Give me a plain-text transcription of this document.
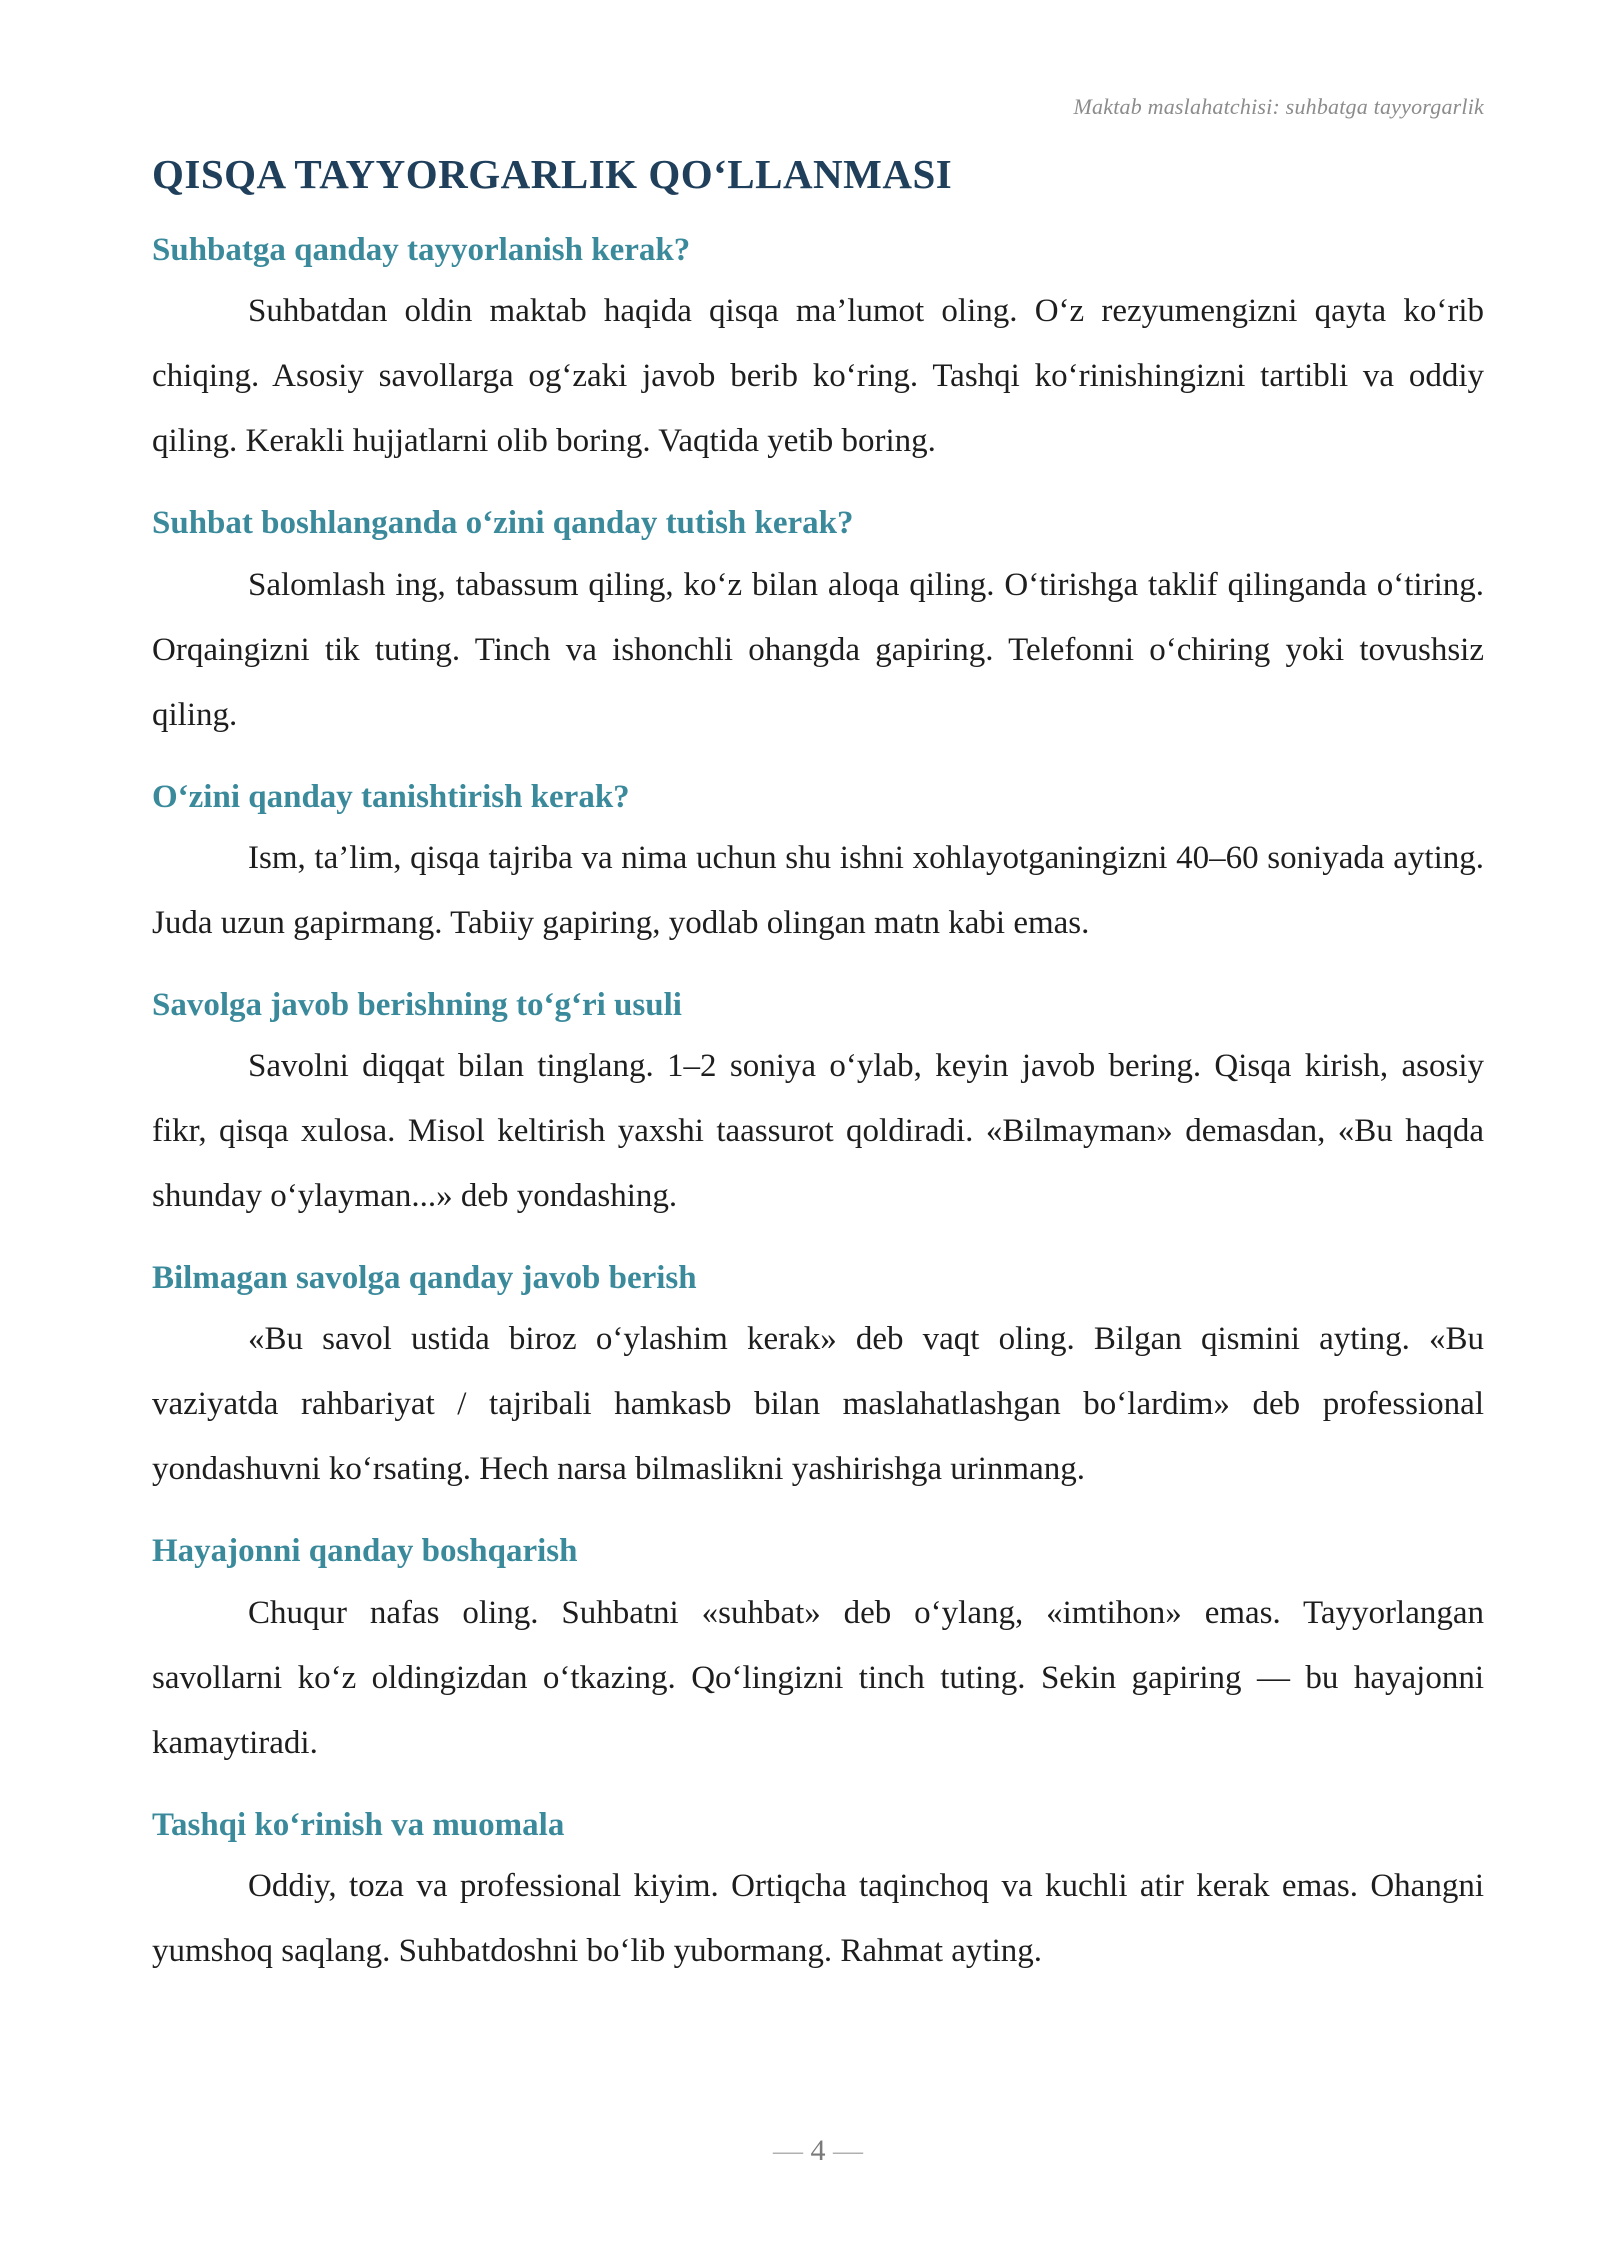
Maktab maslahatchisi: suhbatga tayyorgarlik
QISQA TAYYORGARLIK QO‘LLANMASI
Suhbatga qanday tayyorlanish kerak?

Suhbatdan oldin maktab haqida qisqa ma’lumot oling. O‘z rezyumengizni qayta ko‘rib chiqing. Asosiy savollarga og‘zaki javob berib ko‘ring. Tashqi ko‘rinishingizni tartibli va oddiy qiling. Kerakli hujjatlarni olib boring. Vaqtida yetib boring.

Suhbat boshlanganda o‘zini qanday tutish kerak?

Salomlash ing, tabassum qiling, ko‘z bilan aloqa qiling. O‘tirishga taklif qilinganda o‘tiring. Orqaingizni tik tuting. Tinch va ishonchli ohangda gapiring. Telefonni o‘chiring yoki tovushsiz qiling.

O‘zini qanday tanishtirish kerak?

Ism, ta’lim, qisqa tajriba va nima uchun shu ishni xohlayotganingizni 40–60 soniyada ayting. Juda uzun gapirmang. Tabiiy gapiring, yodlab olingan matn kabi emas.

Savolga javob berishning to‘g‘ri usuli

Savolni diqqat bilan tinglang. 1–2 soniya o‘ylab, keyin javob bering. Qisqa kirish, asosiy fikr, qisqa xulosa. Misol keltirish yaxshi taassurot qoldiradi. «Bilmayman» demasdan, «Bu haqda shunday o‘ylayman...» deb yondashing.

Bilmagan savolga qanday javob berish

«Bu savol ustida biroz o‘ylashim kerak» deb vaqt oling. Bilgan qismini ayting. «Bu vaziyatda rahbariyat / tajribali hamkasb bilan maslahatlashgan bo‘lardim» deb professional yondashuvni ko‘rsating. Hech narsa bilmaslikni yashirishga urinmang.

Hayajonni qanday boshqarish

Chuqur nafas oling. Suhbatni «suhbat» deb o‘ylang, «imtihon» emas. Tayyorlangan savollarni ko‘z oldingizdan o‘tkazing. Qo‘lingizni tinch tuting. Sekin gapiring — bu hayajonni kamaytiradi.

Tashqi ko‘rinish va muomala

Oddiy, toza va professional kiyim. Ortiqcha taqinchoq va kuchli atir kerak emas. Ohangni yumshoq saqlang. Suhbatdoshni bo‘lib yubormang. Rahmat ayting.

— 4 —
